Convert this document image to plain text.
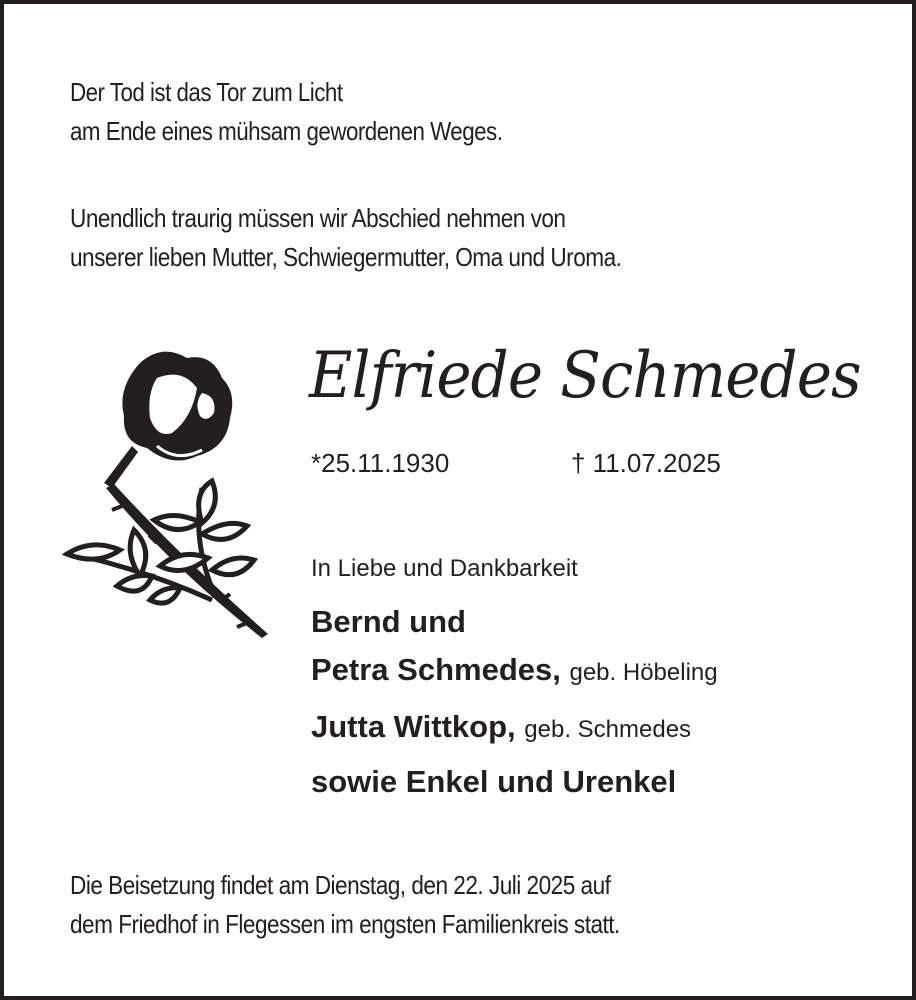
Der Tod ist das Tor zum Licht
am Ende eines mühsam gewordenen Weges.
Unendlich traurig müssen wir Abschied nehmen von
unserer lieben Mutter, Schwiegermutter, Oma und Uroma.
Elfriede Schmedes
*25.11.1930	† 11.07.2025
In Liebe und Dankbarkeit
Bernd und
Petra Schmedes, geb. Höbeling
Jutta Wittkop, geb. Schmedes
sowie Enkel und Urenkel
Die Beisetzung findet am Dienstag, den 22. Juli 2025 auf
dem Friedhof in Flegessen im engsten Familienkreis statt.
